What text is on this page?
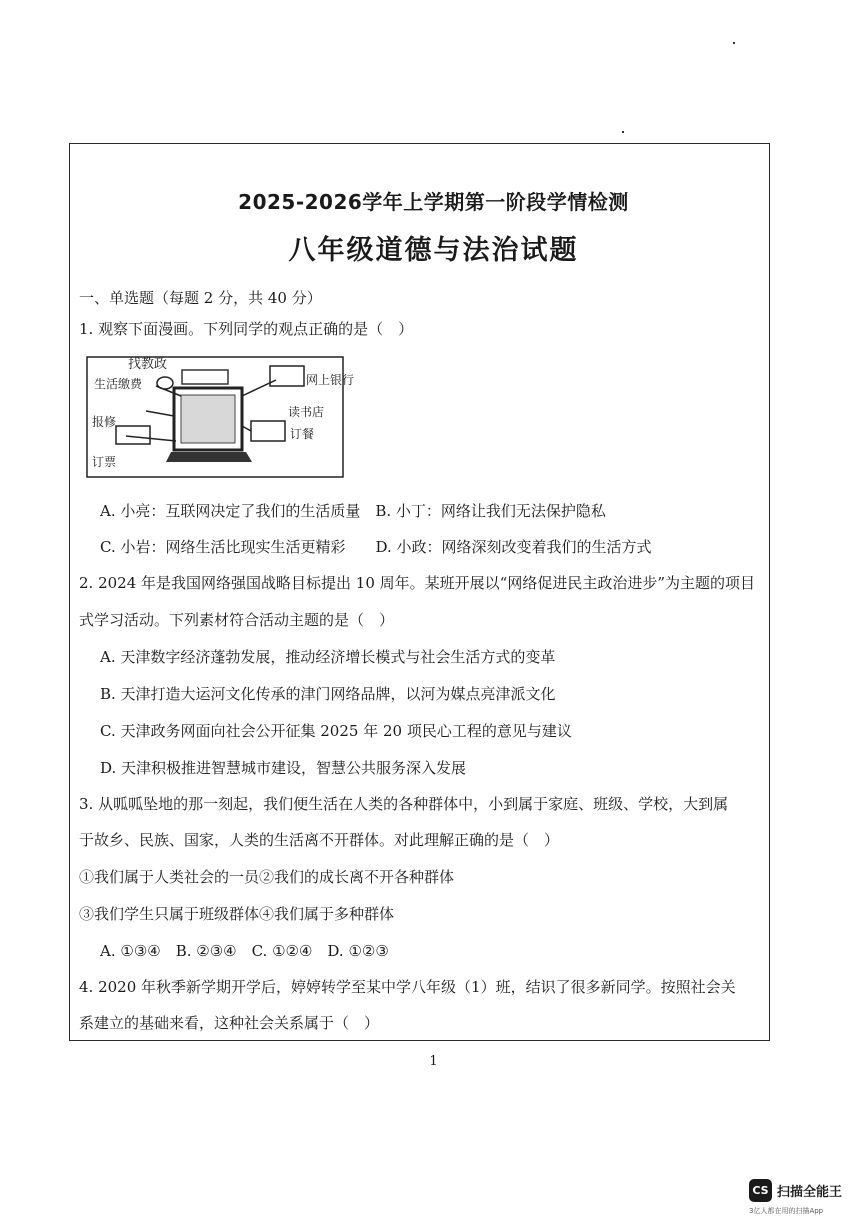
2025-2026学年上学期第一阶段学情检测
八年级道德与法治试题
一、单选题（每题 2 分，共 40 分）
1. 观察下面漫画。下列同学的观点正确的是（　）
找教政
生活缴费
报修
订票
网上银行
读书店
订餐
A. 小亮：互联网决定了我们的生活质量　B. 小丁：网络让我们无法保护隐私
C. 小岩：网络生活比现实生活更精彩　　D. 小政：网络深刻改变着我们的生活方式
2. 2024 年是我国网络强国战略目标提出 10 周年。某班开展以“网络促进民主政治进步”为主题的项目
式学习活动。下列素材符合活动主题的是（　）
A. 天津数字经济蓬勃发展，推动经济增长模式与社会生活方式的变革
B. 天津打造大运河文化传承的津门网络品牌，以河为媒点亮津派文化
C. 天津政务网面向社会公开征集 2025 年 20 项民心工程的意见与建议
D. 天津积极推进智慧城市建设，智慧公共服务深入发展
3. 从呱呱坠地的那一刻起，我们便生活在人类的各种群体中，小到属于家庭、班级、学校，大到属
于故乡、民族、国家，人类的生活离不开群体。对此理解正确的是（　）
①我们属于人类社会的一员②我们的成长离不开各种群体
③我们学生只属于班级群体④我们属于多种群体
A. ①③④　B. ②③④　C. ①②④　D. ①②③
4. 2020 年秋季新学期开学后，婷婷转学至某中学八年级（1）班，结识了很多新同学。按照社会关
系建立的基础来看，这种社会关系属于（　）
1
CS 扫描全能王
3亿人都在用的扫描App
